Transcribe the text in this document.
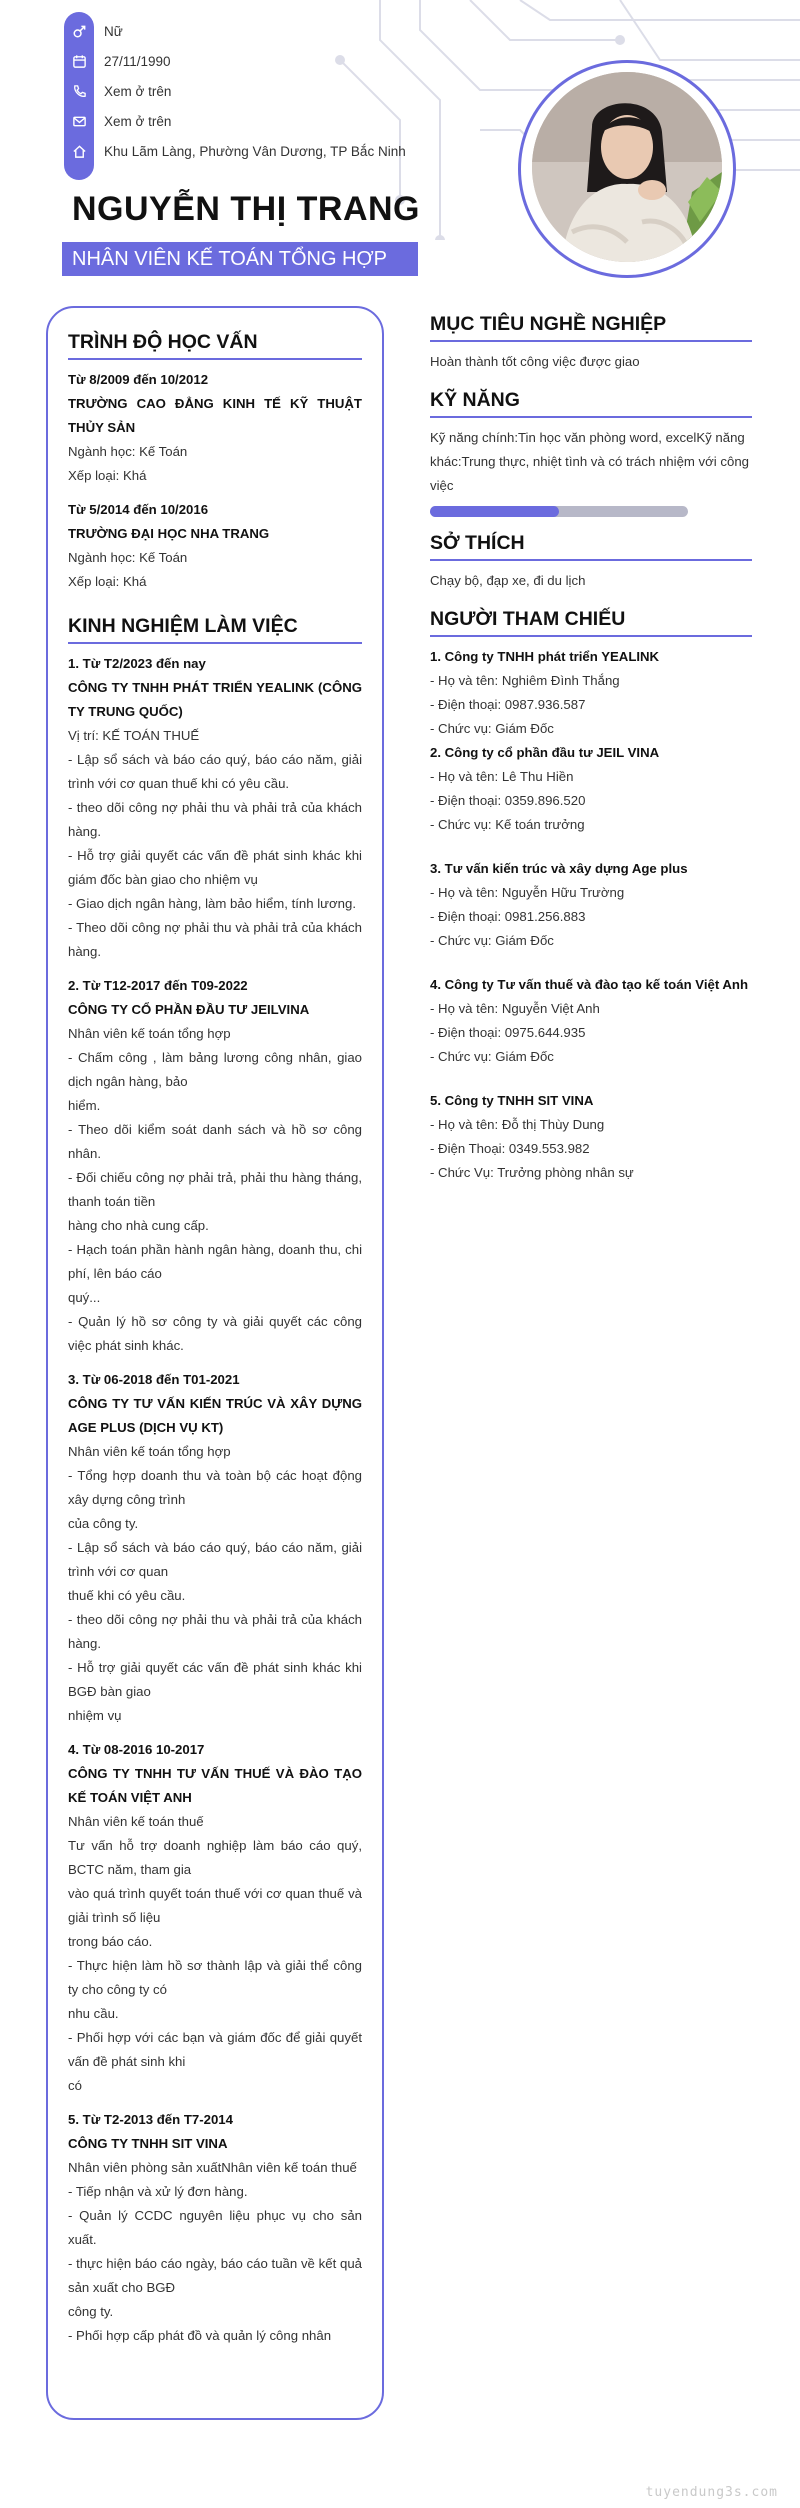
Nữ
27/11/1990
Xem ở trên
Xem ở trên
Khu Lãm Làng, Phường Vân Dương, TP Bắc Ninh
NGUYỄN THỊ TRANG
NHÂN VIÊN KẾ TOÁN TỔNG HỢP
TRÌNH ĐỘ HỌC VẤN
Từ 8/2009 đến 10/2012
TRƯỜNG CAO ĐẲNG KINH TẾ KỸ THUẬT THỦY SẢN
Ngành học: Kế Toán
Xếp loại: Khá
Từ 5/2014 đến 10/2016
TRƯỜNG ĐẠI HỌC NHA TRANG
Ngành học: Kế Toán
Xếp loại: Khá
KINH NGHIỆM LÀM VIỆC
1. Từ T2/2023 đến nay
CÔNG TY TNHH PHÁT TRIỂN YEALINK (CÔNG TY TRUNG QUỐC)
Vị trí: KẾ TOÁN THUẾ
- Lập sổ sách và báo cáo quý, báo cáo năm, giải trình với cơ quan thuế khi có yêu cầu.
- theo dõi công nợ phải thu và phải trả của khách hàng.
- Hỗ trợ giải quyết các vấn đề phát sinh khác khi giám đốc bàn giao cho nhiệm vụ
- Giao dịch ngân hàng, làm bảo hiểm, tính lương.
- Theo dõi công nợ phải thu và phải trả của khách hàng.
2. Từ T12-2017 đến T09-2022
CÔNG TY CỔ PHẦN ĐẦU TƯ JEILVINA
Nhân viên kế toán tổng hợp
- Chấm công , làm bảng lương công nhân, giao dịch ngân hàng, bảo
hiểm.
- Theo dõi kiểm soát danh sách và hồ sơ công nhân.
- Đối chiếu công nợ phải trả, phải thu hàng tháng, thanh toán tiền
hàng cho nhà cung cấp.
- Hạch toán phần hành ngân hàng, doanh thu, chi phí, lên báo cáo
quý...
- Quản lý hồ sơ công ty và giải quyết các công việc phát sinh khác.
3. Từ 06-2018 đến T01-2021
CÔNG TY TƯ VẤN KIẾN TRÚC VÀ XÂY DỰNG AGE PLUS (DỊCH VỤ KT)
Nhân viên kế toán tổng hợp
- Tổng hợp doanh thu và toàn bộ các hoạt động xây dựng công trình
của công ty.
- Lập sổ sách và báo cáo quý, báo cáo năm, giải trình với cơ quan
thuế khi có yêu cầu.
- theo dõi công nợ phải thu và phải trả của khách hàng.
- Hỗ trợ giải quyết các vấn đề phát sinh khác khi BGĐ bàn giao
nhiệm vụ
4. Từ 08-2016 10-2017
CÔNG TY TNHH TƯ VẤN THUẾ VÀ ĐÀO TẠO KẾ TOÁN VIỆT ANH
Nhân viên kế toán thuế
Tư vấn hỗ trợ doanh nghiệp làm báo cáo quý, BCTC năm, tham gia
vào quá trình quyết toán thuế với cơ quan thuế và giải trình số liệu
trong báo cáo.
- Thực hiện làm hồ sơ thành lập và giải thể công ty cho công ty có
nhu cầu.
- Phối hợp với các bạn và giám đốc để giải quyết vấn đề phát sinh khi
có
5. Từ T2-2013 đến T7-2014
CÔNG TY TNHH SIT VINA
Nhân viên phòng sản xuấtNhân viên kế toán thuế
- Tiếp nhận và xử lý đơn hàng.
- Quản lý CCDC nguyên liệu phục vụ cho sản xuất.
- thực hiện báo cáo ngày, báo cáo tuần về kết quả sản xuất cho BGĐ
công ty.
- Phối hợp cấp phát đồ và quản lý công nhân
MỤC TIÊU NGHỀ NGHIỆP
Hoàn thành tốt công việc được giao
KỸ NĂNG
Kỹ năng chính:Tin học văn phòng word, excelKỹ năng khác:Trung thực, nhiệt tình và có trách nhiệm với công việc
SỞ THÍCH
Chạy bộ, đạp xe, đi du lịch
NGƯỜI THAM CHIẾU
1. Công ty TNHH phát triển YEALINK
- Họ và tên: Nghiêm Đình Thắng
- Điện thoại: 0987.936.587
- Chức vụ: Giám Đốc
2. Công ty cổ phần đầu tư JEIL VINA
- Họ và tên: Lê Thu Hiền
- Điện thoại: 0359.896.520
- Chức vụ: Kế toán trưởng
3. Tư vấn kiến trúc và xây dựng Age plus
- Họ và tên: Nguyễn Hữu Trường
- Điện thoại: 0981.256.883
- Chức vụ: Giám Đốc
4. Công ty Tư vấn thuế và đào tạo kế toán Việt Anh
- Họ và tên: Nguyễn Việt Anh
- Điện thoại: 0975.644.935
- Chức vụ: Giám Đốc
5. Công ty TNHH SIT VINA
- Họ và tên: Đỗ thị Thùy Dung
- Điện Thoại: 0349.553.982
- Chức Vụ: Trưởng phòng nhân sự
tuyendung3s.com
